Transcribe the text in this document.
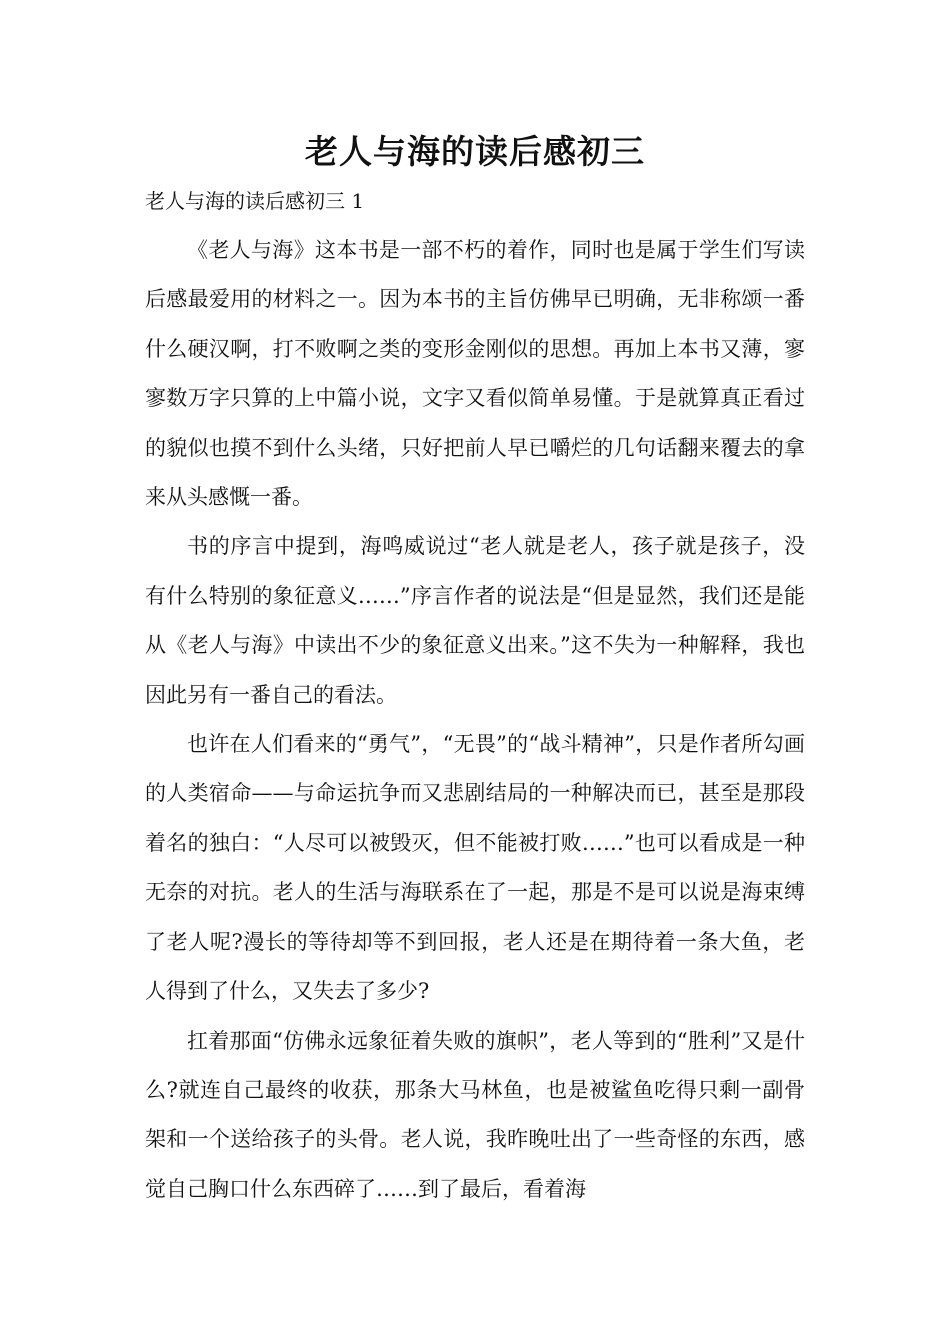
老人与海的读后感初三

老人与海的读后感初三 1

《老人与海》这本书是一部不朽的着作，同时也是属于学生们写读后感最爱用的材料之一。因为本书的主旨仿佛早已明确，无非称颂一番什么硬汉啊，打不败啊之类的变形金刚似的思想。再加上本书又薄，寥寥数万字只算的上中篇小说，文字又看似简单易懂。于是就算真正看过的貌似也摸不到什么头绪，只好把前人早已嚼烂的几句话翻来覆去的拿来从头感慨一番。

书的序言中提到，海鸣威说过“老人就是老人，孩子就是孩子，没有什么特别的象征意义……”序言作者的说法是“但是显然，我们还是能从《老人与海》中读出不少的象征意义出来。”这不失为一种解释，我也因此另有一番自己的看法。

也许在人们看来的“勇气”，“无畏”的“战斗精神”，只是作者所勾画的人类宿命——与命运抗争而又悲剧结局的一种解决而已，甚至是那段着名的独白：“人尽可以被毁灭，但不能被打败……”也可以看成是一种无奈的对抗。老人的生活与海联系在了一起，那是不是可以说是海束缚了老人呢?漫长的等待却等不到回报，老人还是在期待着一条大鱼，老人得到了什么，又失去了多少?

扛着那面“仿佛永远象征着失败的旗帜”，老人等到的“胜利”又是什么?就连自己最终的收获，那条大马林鱼，也是被鲨鱼吃得只剩一副骨架和一个送给孩子的头骨。老人说，我昨晚吐出了一些奇怪的东西，感觉自己胸口什么东西碎了……到了最后，看着海
